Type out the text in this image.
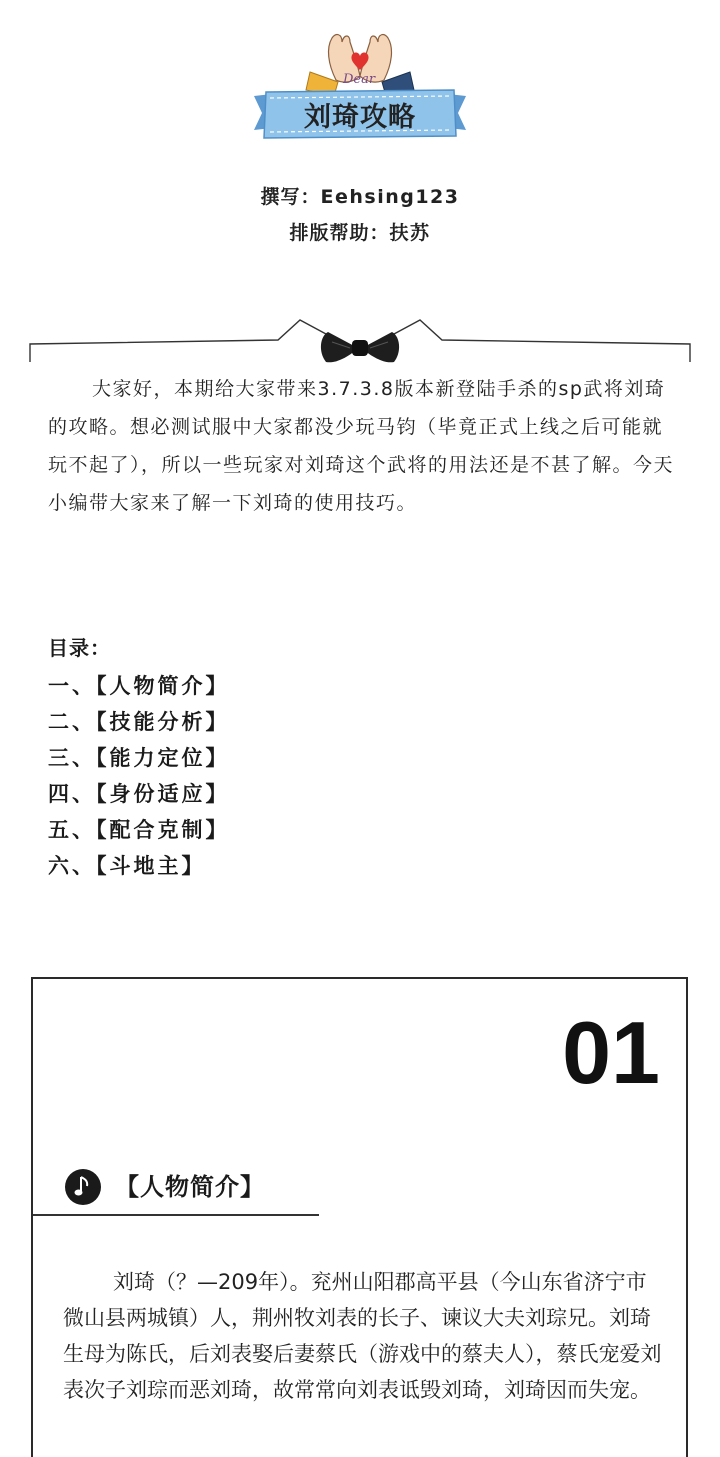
Dear
刘琦攻略
撰写：Eehsing123
排版帮助：扶苏

大家好，本期给大家带来3.7.3.8版本新登陆手杀的sp武将刘琦的攻略。想必测试服中大家都没少玩马钧（毕竟正式上线之后可能就玩不起了），所以一些玩家对刘琦这个武将的用法还是不甚了解。今天小编带大家来了解一下刘琦的使用技巧。

目录：
一、【人物简介】
二、【技能分析】
三、【能力定位】
四、【身份适应】
五、【配合克制】
六、【斗地主】
01
【人物简介】

刘琦（？—209年）。兖州山阳郡高平县（今山东省济宁市微山县两城镇）人，荆州牧刘表的长子、谏议大夫刘琮兄。刘琦生母为陈氏，后刘表娶后妻蔡氏（游戏中的蔡夫人），蔡氏宠爱刘表次子刘琮而恶刘琦，故常常向刘表诋毁刘琦，刘琦因而失宠。
